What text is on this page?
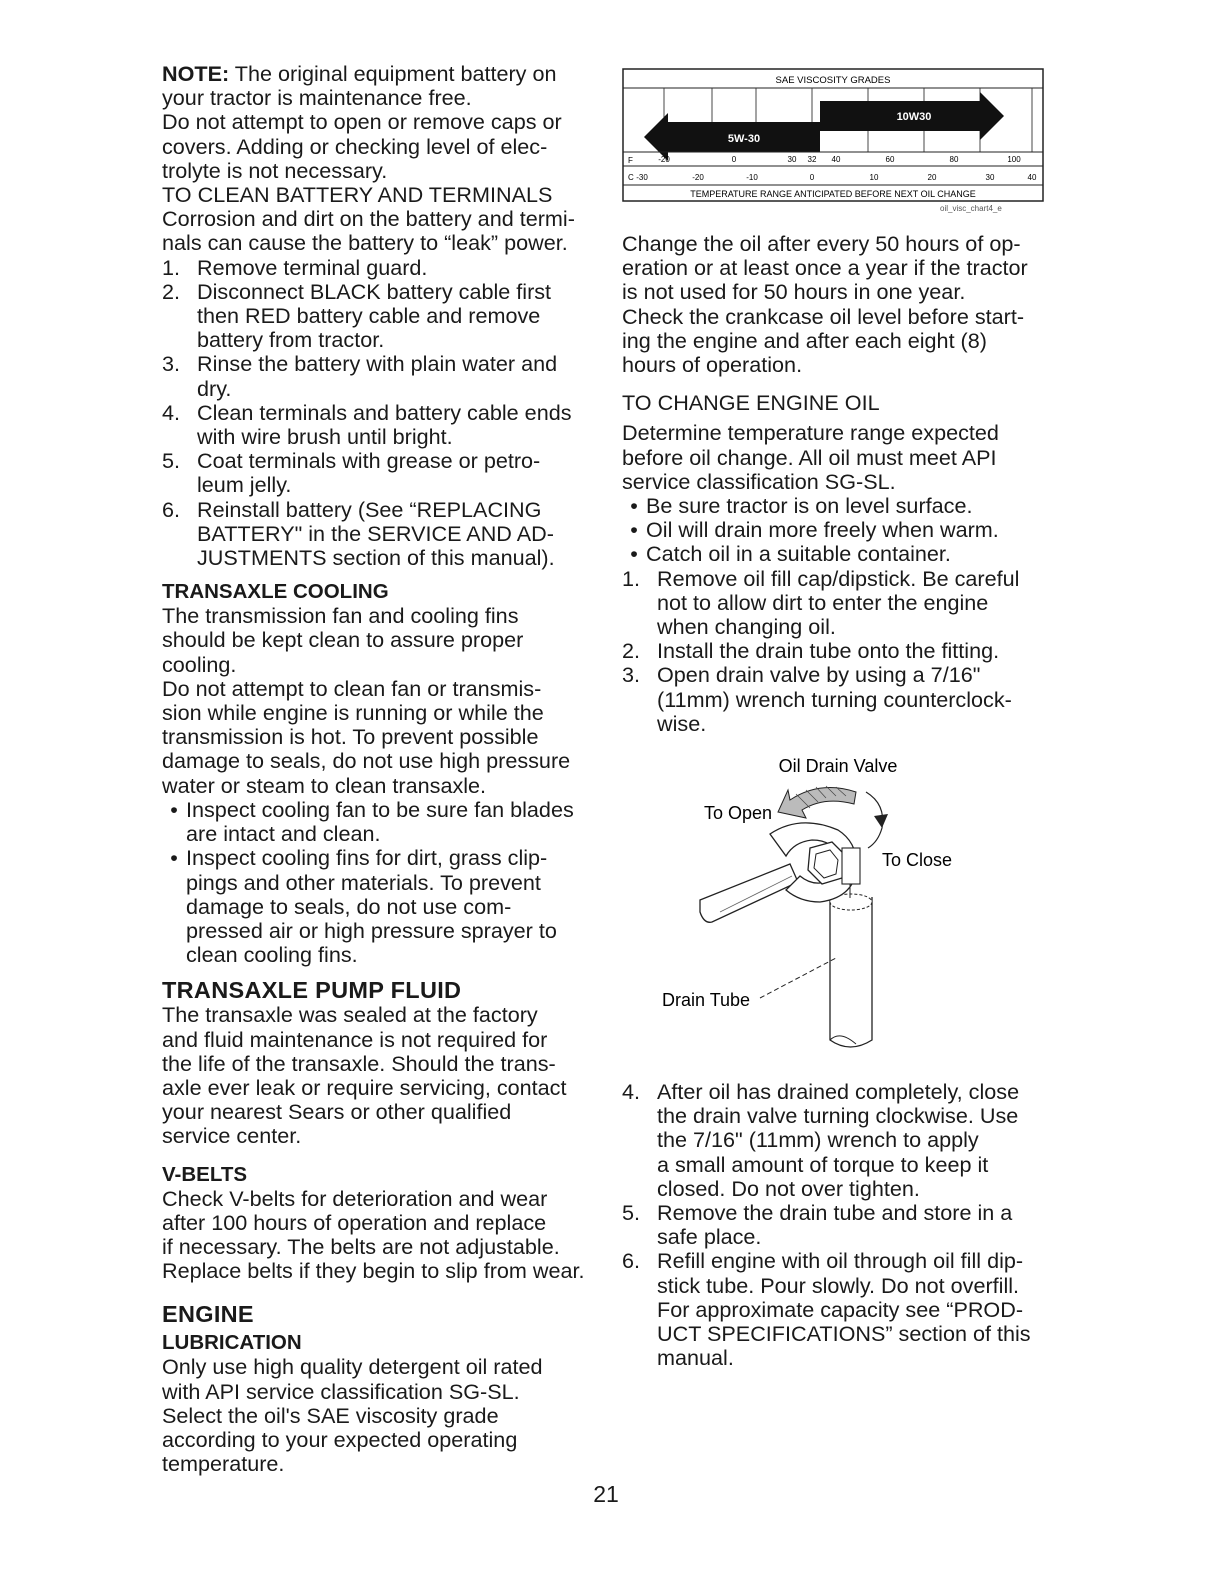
NOTE: The original equipment battery on

your tractor is maintenance free.

Do not attempt to open or remove caps or

covers. Adding or checking level of elec-

trolyte is not necessary.

TO CLEAN BATTERY AND TERMINALS

Corrosion and dirt on the battery and termi-

nals can cause the battery to “leak” power.

1. Remove terminal guard.
2. Disconnect BLACK battery cable first
then RED battery cable and remove
battery from tractor.
3. Rinse the battery with plain water and
dry.
4. Clean terminals and battery cable ends
with wire brush until bright.
5. Coat terminals with grease or petro-
leum jelly.
6. Reinstall battery (See “REPLACING
BATTERY" in the SERVICE AND AD-
JUSTMENTS section of this manual).

TRANSAXLE COOLING

The transmission fan and cooling fins

should be kept clean to assure proper

cooling.

Do not attempt to clean fan or transmis-

sion while engine is running or while the

transmission is hot. To prevent possible

damage to seals, do not use high pressure

water or steam to clean transaxle.

• Inspect cooling fan to be sure fan blades
are intact and clean.
• Inspect cooling fins for dirt, grass clip-
pings and other materials. To prevent
damage to seals, do not use com-
pressed air or high pressure sprayer to
clean cooling fins.

TRANSAXLE PUMP FLUID

The transaxle was sealed at the factory

and fluid maintenance is not required for

the life of the transaxle. Should the trans-

axle ever leak or require servicing, contact

your nearest Sears or other qualified

service center.

V-BELTS

Check V-belts for deterioration and wear

after 100 hours of operation and replace

if necessary. The belts are not adjustable.

Replace belts if they begin to slip from wear.

ENGINE

LUBRICATION

Only use high quality detergent oil rated

with API service classification SG-SL.

Select the oil's SAE viscosity grade

according to your expected operating

temperature.

SAE VISCOSITY GRADES
10W30
5W-30
F
C
-20	0	30 32 40	60	80	100
-30	-20	-10	0	10	20	30	40
TEMPERATURE RANGE ANTICIPATED BEFORE NEXT OIL CHANGE
oil_visc_chart4_e

Change the oil after every 50 hours of op-

eration or at least once a year if the tractor

is not used for 50 hours in one year.

Check the crankcase oil level before start-

ing the engine and after each eight (8)

hours of operation.

TO CHANGE ENGINE OIL

Determine temperature range expected

before oil change. All oil must meet API

service classification SG-SL.

• Be sure tractor is on level surface.
• Oil will drain more freely when warm.
• Catch oil in a suitable container.
1. Remove oil fill cap/dipstick. Be careful
not to allow dirt to enter the engine
when changing oil.
2. Install the drain tube onto the fitting.
3. Open drain valve by using a 7/16"
(11mm) wrench turning counterclock-
wise.
Oil Drain Valve
To Open
To Close
Drain Tube
4. After oil has drained completely, close
the drain valve turning clockwise. Use
the 7/16" (11mm) wrench to apply
a small amount of torque to keep it
closed. Do not over tighten.
5. Remove the drain tube and store in a
safe place.
6. Refill engine with oil through oil fill dip-
stick tube. Pour slowly. Do not overfill.
For approximate capacity see “PROD-
UCT SPECIFICATIONS” section of this
manual.
21
